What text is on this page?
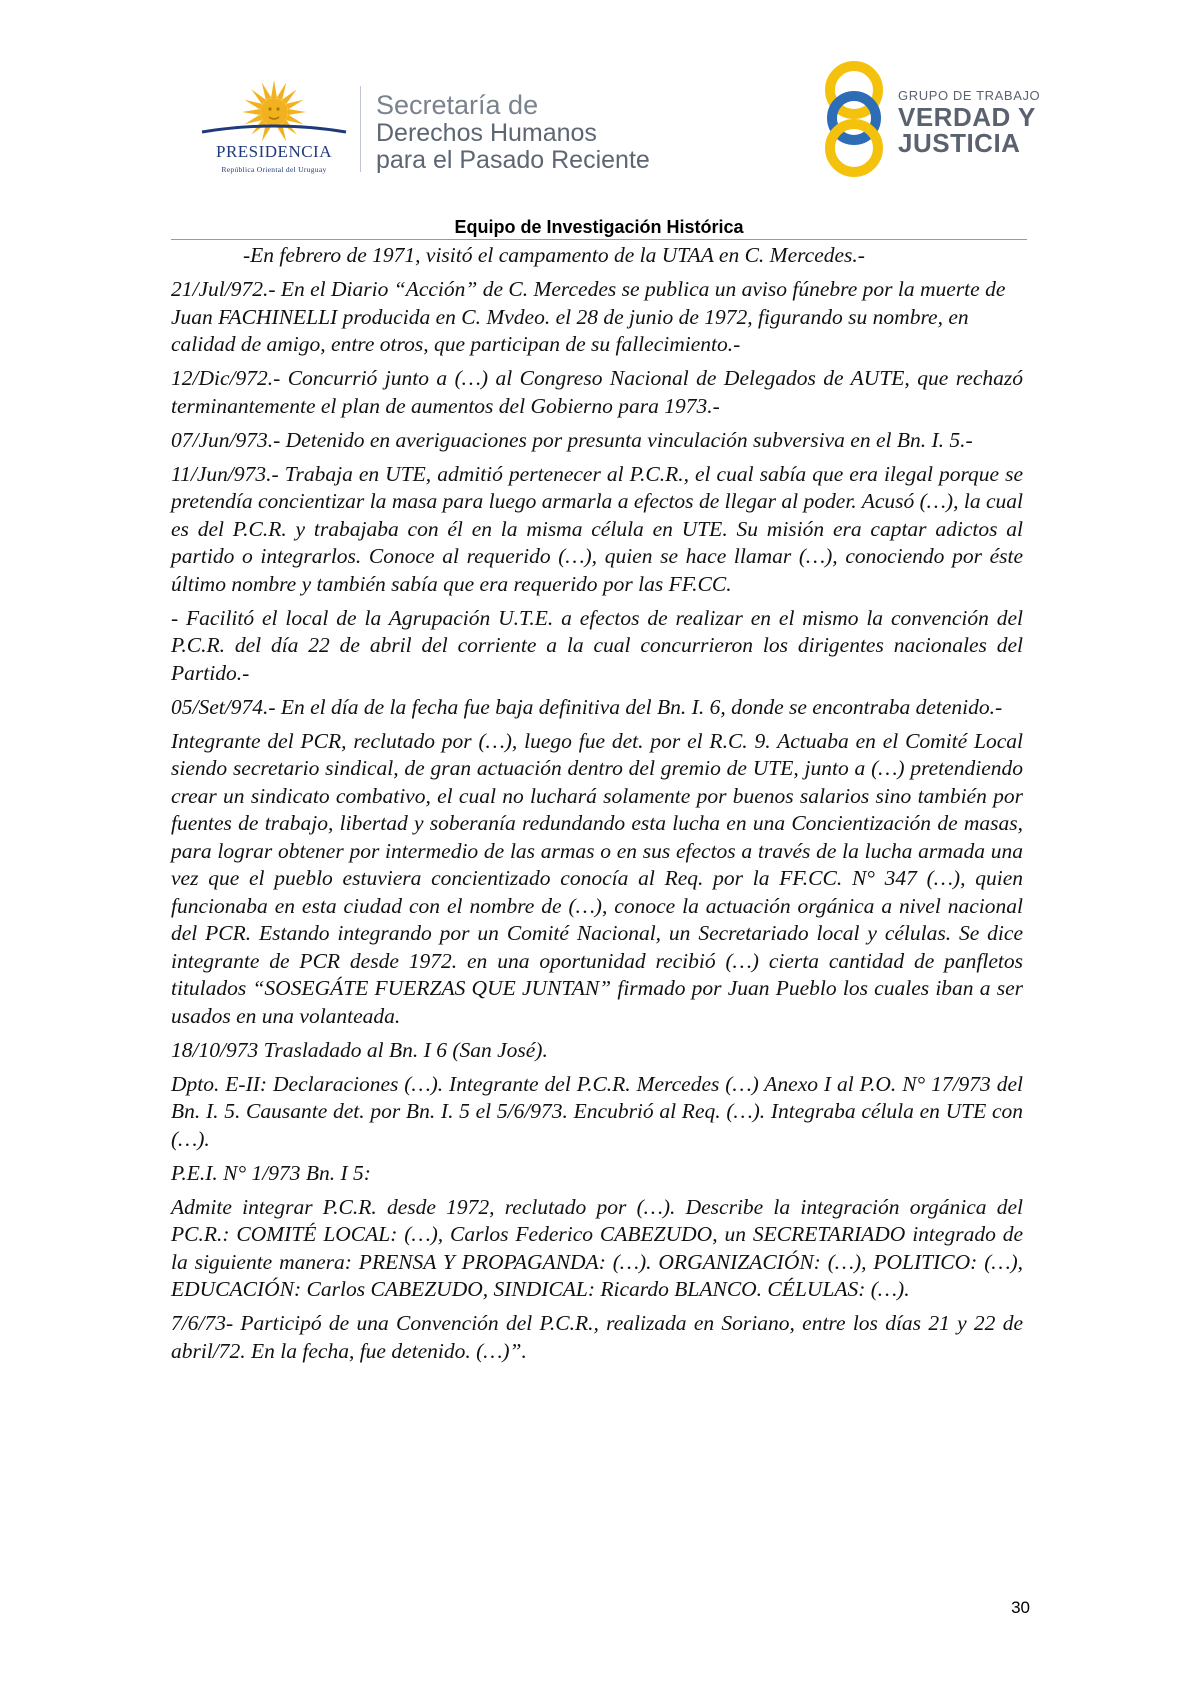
PRESIDENCIA
República Oriental del Uruguay
Secretaría de
Derechos Humanos
para el Pasado Reciente
GRUPO DE TRABAJO
VERDAD Y
JUSTICIA
Equipo de Investigación Histórica

-En febrero de 1971, visitó el campamento de la UTAA en C. Mercedes.-

21/Jul/972.- En el Diario “Acción” de C. Mercedes se publica un aviso fúnebre por la muerte de Juan FACHINELLI producida en C. Mvdeo. el 28 de junio de 1972, figurando su nombre, en calidad de amigo, entre otros, que participan de su fallecimiento.-

12/Dic/972.- Concurrió junto a (…) al Congreso Nacional de Delegados de AUTE, que rechazó terminantemente el plan de aumentos del Gobierno para 1973.-

07/Jun/973.- Detenido en averiguaciones por presunta vinculación subversiva en el Bn. I. 5.-

11/Jun/973.- Trabaja en UTE, admitió pertenecer al P.C.R., el cual sabía que era ilegal porque se pretendía concientizar la masa para luego armarla a efectos de llegar al poder. Acusó (…), la cual es del P.C.R. y trabajaba con él en la misma célula en UTE. Su misión era captar adictos al partido o integrarlos. Conoce al requerido (…), quien se hace llamar (…), conociendo por éste último nombre y también sabía que era requerido por las FF.CC.

- Facilitó el local de la Agrupación U.T.E. a efectos de realizar en el mismo la convención del P.C.R. del día 22 de abril del corriente a la cual concurrieron los dirigentes nacionales del Partido.-

05/Set/974.- En el día de la fecha fue baja definitiva del Bn. I. 6, donde se encontraba detenido.-

Integrante del PCR, reclutado por (…), luego fue det. por el R.C. 9. Actuaba en el Comité Local siendo secretario sindical, de gran actuación dentro del gremio de UTE, junto a (…) pretendiendo crear un sindicato combativo, el cual no luchará solamente por buenos salarios sino también por fuentes de trabajo, libertad y soberanía redundando esta lucha en una Concientización de masas, para lograr obtener por intermedio de las armas o en sus efectos a través de la lucha armada una vez que el pueblo estuviera concientizado conocía al Req. por la FF.CC. N° 347 (…), quien funcionaba en esta ciudad con el nombre de (…), conoce la actuación orgánica a nivel nacional del PCR. Estando integrando por un Comité Nacional, un Secretariado local y células. Se dice integrante de PCR desde 1972. en una oportunidad recibió (…) cierta cantidad de panfletos titulados “SOSEGÁTE FUERZAS QUE JUNTAN” firmado por Juan Pueblo los cuales iban a ser usados en una volanteada.

18/10/973 Trasladado al Bn. I 6 (San José).

Dpto. E-II: Declaraciones (…). Integrante del P.C.R. Mercedes (…) Anexo I al P.O. N° 17/973 del Bn. I. 5. Causante det. por Bn. I. 5 el 5/6/973. Encubrió al Req. (…). Integraba célula en UTE con (…).

P.E.I. N° 1/973 Bn. I 5:

Admite integrar P.C.R. desde 1972, reclutado por (…). Describe la integración orgánica del PC.R.: COMITÉ LOCAL: (…), Carlos Federico CABEZUDO, un SECRETARIADO integrado de la siguiente manera: PRENSA Y PROPAGANDA: (…). ORGANIZACIÓN: (…), POLITICO: (…), EDUCACIÓN: Carlos CABEZUDO, SINDICAL: Ricardo BLANCO. CÉLULAS: (…).

7/6/73- Participó de una Convención del P.C.R., realizada en Soriano, entre los días 21 y 22 de abril/72. En la fecha, fue detenido. (…)”.

30
